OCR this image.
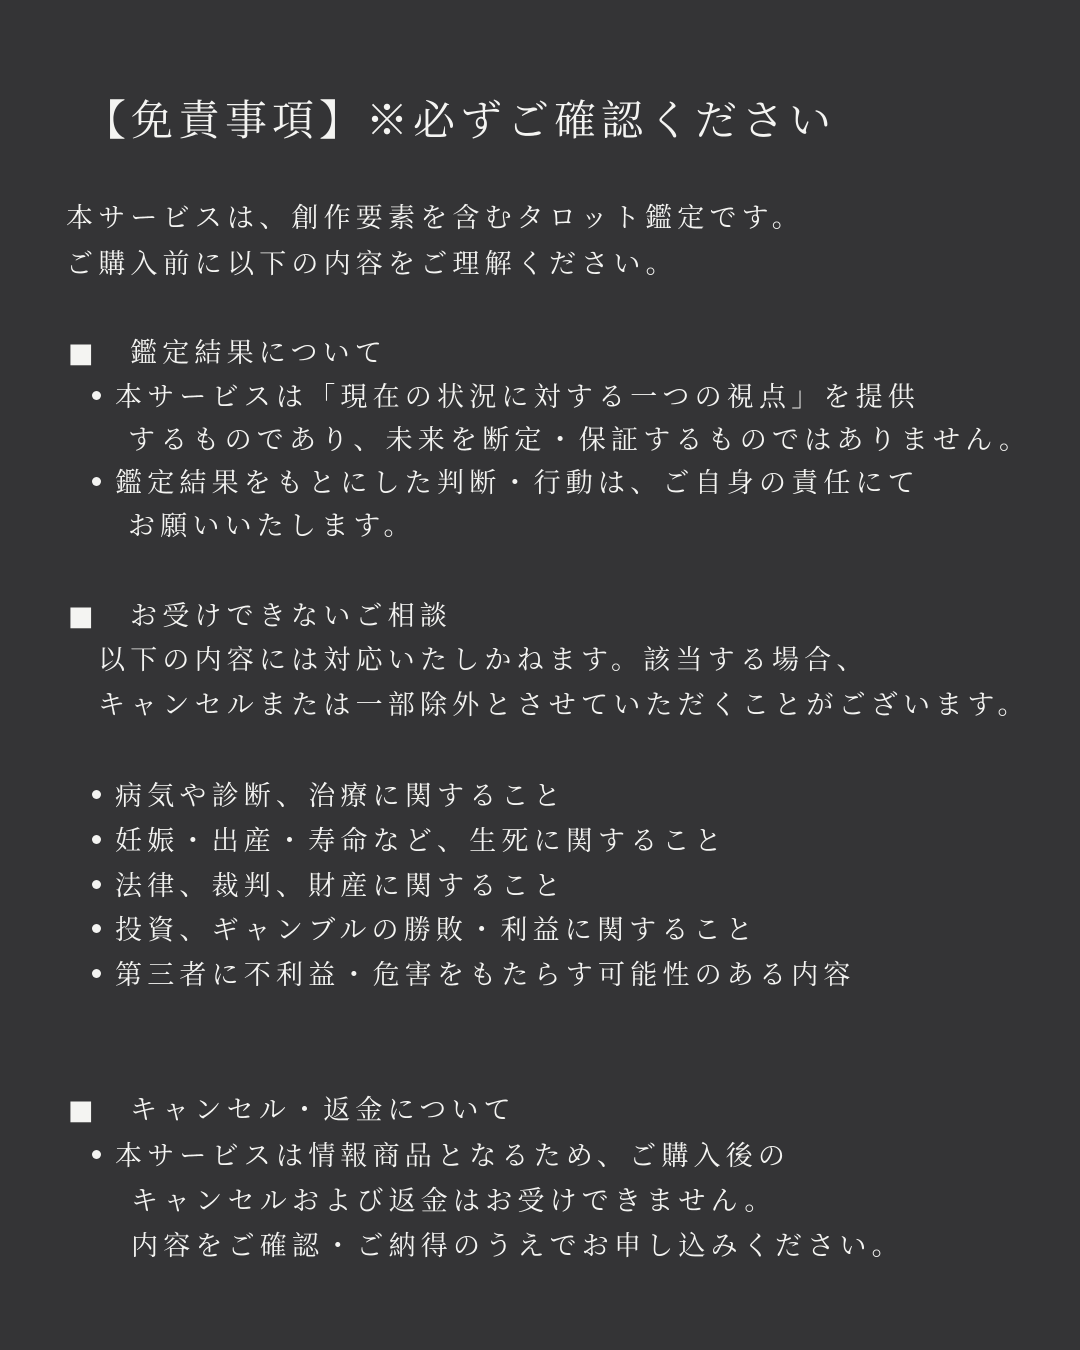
【免責事項】※必ずご確認ください
本サービスは、創作要素を含むタロット鑑定です。
ご購入前に以下の内容をご理解ください。
■ 鑑定結果について
本サービスは「現在の状況に対する一つの視点」を提供
するものであり、未来を断定・保証するものではありません。
鑑定結果をもとにした判断・行動は、ご自身の責任にて
お願いいたします。
■ お受けできないご相談
以下の内容には対応いたしかねます。該当する場合、
キャンセルまたは一部除外とさせていただくことがございます。
病気や診断、治療に関すること
妊娠・出産・寿命など、生死に関すること
法律、裁判、財産に関すること
投資、ギャンブルの勝敗・利益に関すること
第三者に不利益・危害をもたらす可能性のある内容
■ キャンセル・返金について
本サービスは情報商品となるため、ご購入後の
キャンセルおよび返金はお受けできません。
内容をご確認・ご納得のうえでお申し込みください。
